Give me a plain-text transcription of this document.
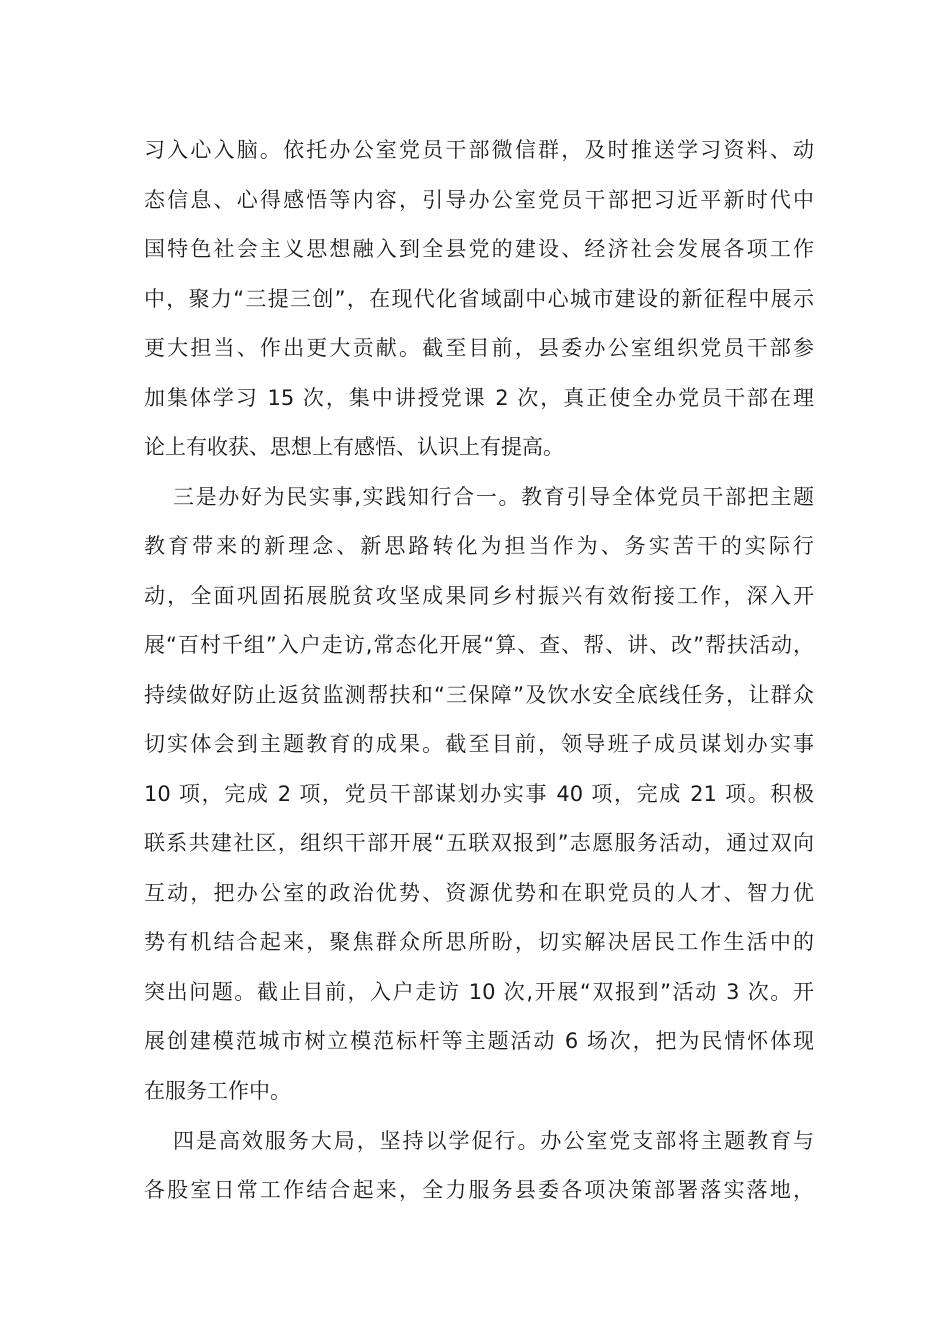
习入心入脑。依托办公室党员干部微信群，及时推送学习资料、动
态信息、心得感悟等内容，引导办公室党员干部把习近平新时代中
国特色社会主义思想融入到全县党的建设、经济社会发展各项工作
中，聚力“三提三创”，在现代化省域副中心城市建设的新征程中展示
更大担当、作出更大贡献。截至目前，县委办公室组织党员干部参
加集体学习 15 次，集中讲授党课 2 次，真正使全办党员干部在理
论上有收获、思想上有感悟、认识上有提高。
三是办好为民实事,实践知行合一。教育引导全体党员干部把主题
教育带来的新理念、新思路转化为担当作为、务实苦干的实际行
动，全面巩固拓展脱贫攻坚成果同乡村振兴有效衔接工作，深入开
展“百村千组”入户走访,常态化开展“算、查、帮、讲、改”帮扶活动，
持续做好防止返贫监测帮扶和“三保障”及饮水安全底线任务，让群众
切实体会到主题教育的成果。截至目前，领导班子成员谋划办实事
10 项，完成 2 项，党员干部谋划办实事 40 项，完成 21 项。积极
联系共建社区，组织干部开展“五联双报到”志愿服务活动，通过双向
互动，把办公室的政治优势、资源优势和在职党员的人才、智力优
势有机结合起来，聚焦群众所思所盼，切实解决居民工作生活中的
突出问题。截止目前，入户走访 10 次,开展“双报到”活动 3 次。开
展创建模范城市树立模范标杆等主题活动 6 场次，把为民情怀体现
在服务工作中。
四是高效服务大局，坚持以学促行。办公室党支部将主题教育与
各股室日常工作结合起来，全力服务县委各项决策部署落实落地，
